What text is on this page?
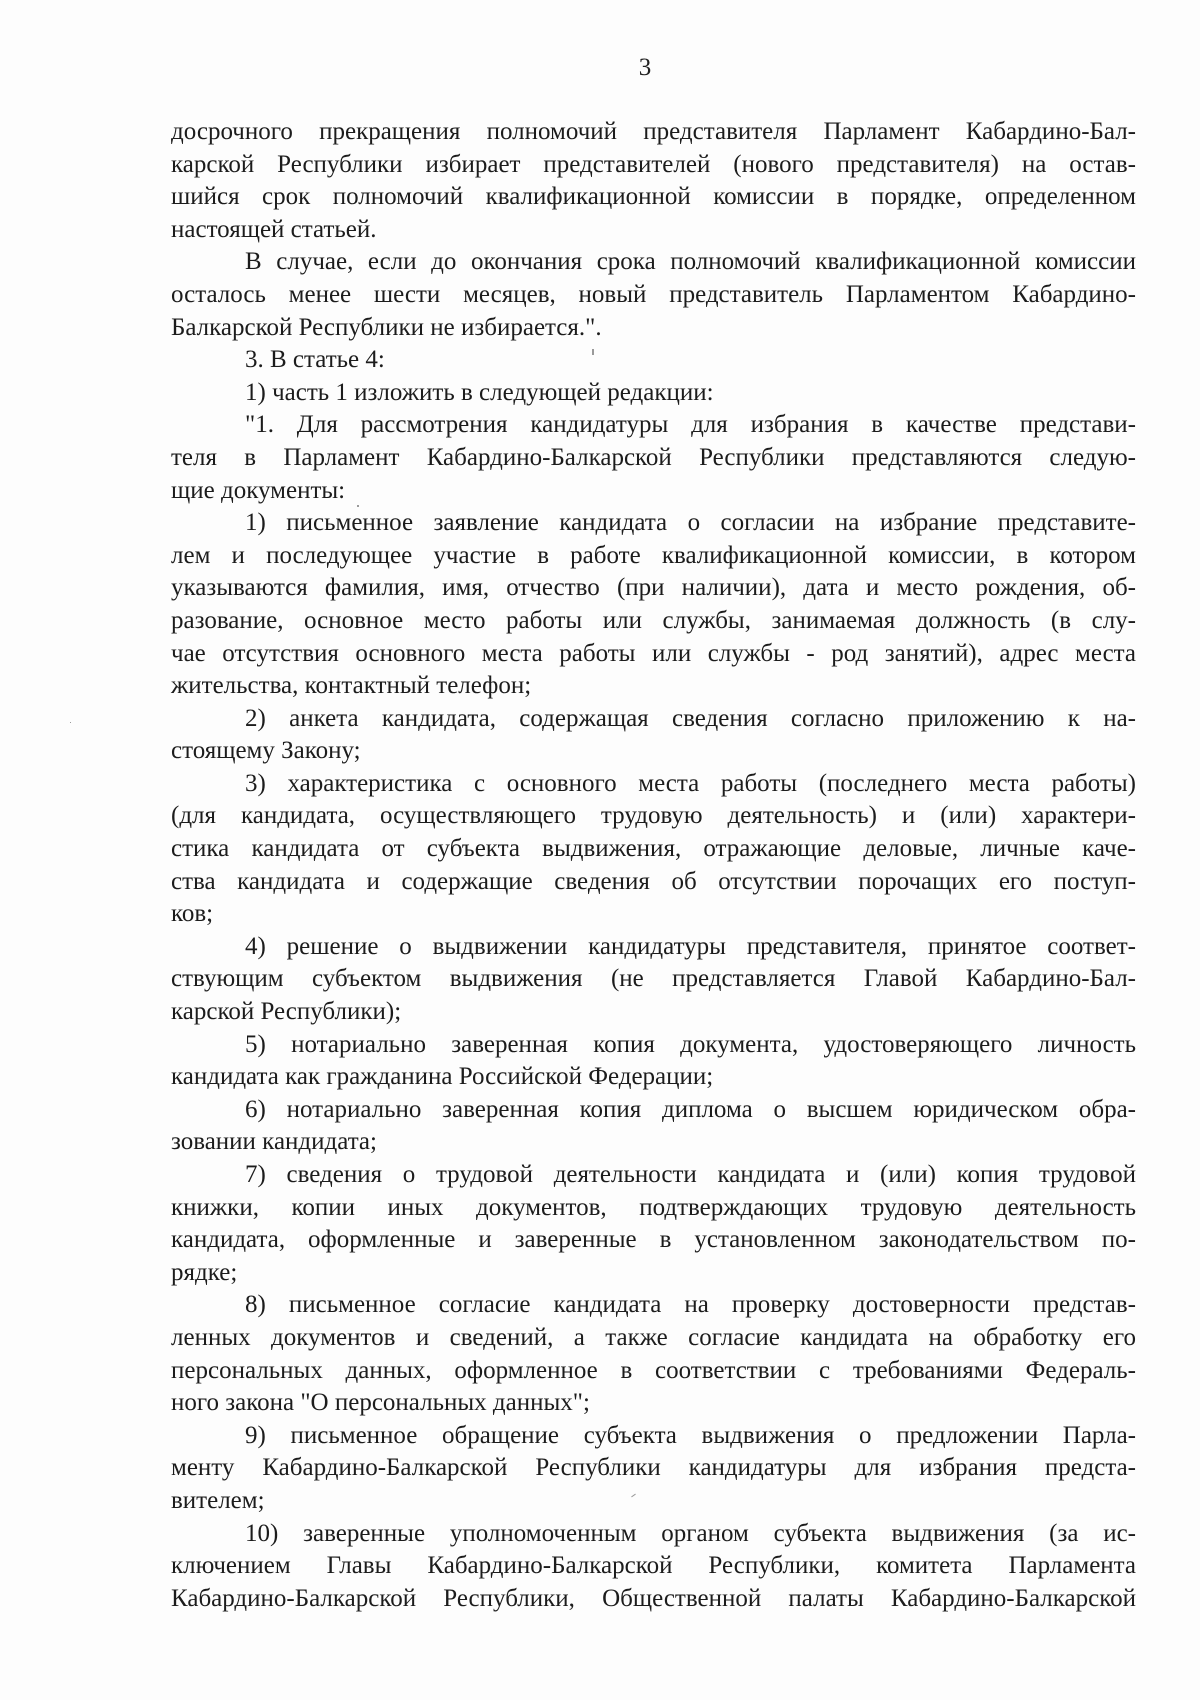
3
досрочного прекращения полномочий представителя Парламент Кабардино-Бал-
карской Республики избирает представителей (нового представителя) на остав-
шийся срок полномочий квалификационной комиссии в порядке, определенном
настоящей статьей.
В случае, если до окончания срока полномочий квалификационной комиссии
осталось менее шести месяцев, новый представитель Парламентом Кабардино-
Балкарской Республики не избирается.".
3. В статье 4:
1) часть 1 изложить в следующей редакции:
"1. Для рассмотрения кандидатуры для избрания в качестве представи-
теля в Парламент Кабардино-Балкарской Республики представляются следую-
щие документы:
1) письменное заявление кандидата о согласии на избрание представите-
лем и последующее участие в работе квалификационной комиссии, в котором
указываются фамилия, имя, отчество (при наличии), дата и место рождения, об-
разование, основное место работы или службы, занимаемая должность (в слу-
чае отсутствия основного места работы или службы - род занятий), адрес места
жительства, контактный телефон;
2) анкета кандидата, содержащая сведения согласно приложению к на-
стоящему Закону;
3) характеристика с основного места работы (последнего места работы)
(для кандидата, осуществляющего трудовую деятельность) и (или) характери-
стика кандидата от субъекта выдвижения, отражающие деловые, личные каче-
ства кандидата и содержащие сведения об отсутствии порочащих его поступ-
ков;
4) решение о выдвижении кандидатуры представителя, принятое соответ-
ствующим субъектом выдвижения (не представляется Главой Кабардино-Бал-
карской Республики);
5) нотариально заверенная копия документа, удостоверяющего личность
кандидата как гражданина Российской Федерации;
6) нотариально заверенная копия диплома о высшем юридическом обра-
зовании кандидата;
7) сведения о трудовой деятельности кандидата и (или) копия трудовой
книжки, копии иных документов, подтверждающих трудовую деятельность
кандидата, оформленные и заверенные в установленном законодательством по-
рядке;
8) письменное согласие кандидата на проверку достоверности представ-
ленных документов и сведений, а также согласие кандидата на обработку его
персональных данных, оформленное в соответствии с требованиями Федераль-
ного закона "О персональных данных";
9) письменное обращение субъекта выдвижения о предложении Парла-
менту Кабардино-Балкарской Республики кандидатуры для избрания предста-
вителем;
10) заверенные уполномоченным органом субъекта выдвижения (за ис-
ключением Главы Кабардино-Балкарской Республики, комитета Парламента
Кабардино-Балкарской Республики, Общественной палаты Кабардино-Балкарской
